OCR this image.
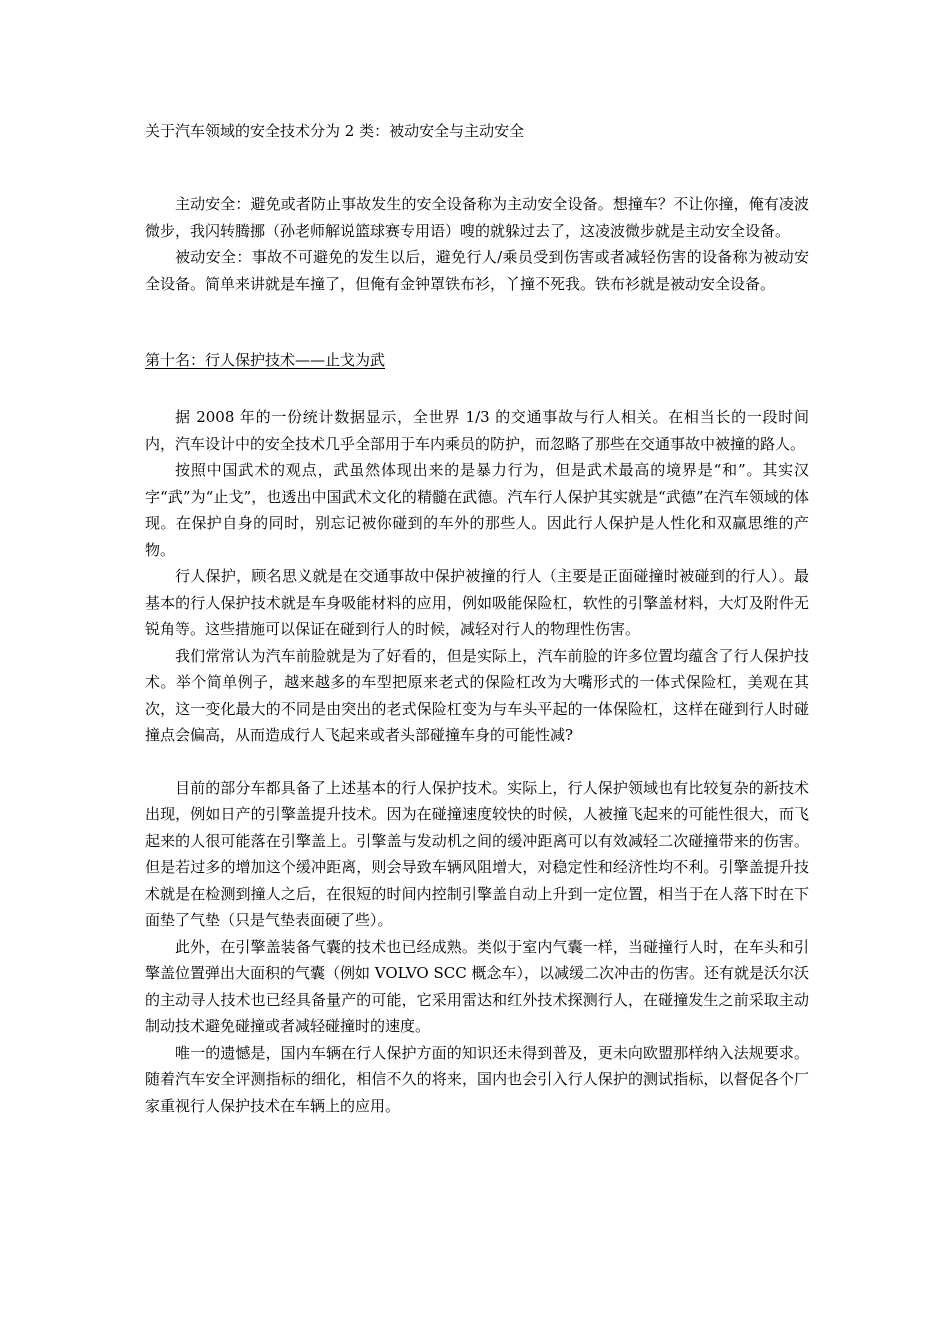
关于汽车领域的安全技术分为 2 类：被动安全与主动安全

主动安全：避免或者防止事故发生的安全设备称为主动安全设备。想撞车？不让你撞，俺有凌波微步，我闪转腾挪（孙老师解说篮球赛专用语）嗖的就躲过去了，这凌波微步就是主动安全设备。

被动安全：事故不可避免的发生以后，避免行人/乘员受到伤害或者减轻伤害的设备称为被动安全设备。简单来讲就是车撞了，但俺有金钟罩铁布衫，丫撞不死我。铁布衫就是被动安全设备。

第十名：行人保护技术——止戈为武

据 2008 年的一份统计数据显示，全世界 1/3 的交通事故与行人相关。在相当长的一段时间内，汽车设计中的安全技术几乎全部用于车内乘员的防护，而忽略了那些在交通事故中被撞的路人。

按照中国武术的观点，武虽然体现出来的是暴力行为，但是武术最高的境界是“和”。其实汉字“武”为“止戈”，也透出中国武术文化的精髓在武德。汽车行人保护其实就是“武德”在汽车领域的体现。在保护自身的同时，别忘记被你碰到的车外的那些人。因此行人保护是人性化和双赢思维的产物。

行人保护，顾名思义就是在交通事故中保护被撞的行人（主要是正面碰撞时被碰到的行人）。最基本的行人保护技术就是车身吸能材料的应用，例如吸能保险杠，软性的引擎盖材料，大灯及附件无锐角等。这些措施可以保证在碰到行人的时候，减轻对行人的物理性伤害。

我们常常认为汽车前脸就是为了好看的，但是实际上，汽车前脸的许多位置均蕴含了行人保护技术。举个简单例子，越来越多的车型把原来老式的保险杠改为大嘴形式的一体式保险杠，美观在其次，这一变化最大的不同是由突出的老式保险杠变为与车头平起的一体保险杠，这样在碰到行人时碰撞点会偏高，从而造成行人飞起来或者头部碰撞车身的可能性减?

目前的部分车都具备了上述基本的行人保护技术。实际上，行人保护领域也有比较复杂的新技术出现，例如日产的引擎盖提升技术。因为在碰撞速度较快的时候，人被撞飞起来的可能性很大，而飞起来的人很可能落在引擎盖上。引擎盖与发动机之间的缓冲距离可以有效减轻二次碰撞带来的伤害。但是若过多的增加这个缓冲距离，则会导致车辆风阻增大，对稳定性和经济性均不利。引擎盖提升技术就是在检测到撞人之后，在很短的时间内控制引擎盖自动上升到一定位置，相当于在人落下时在下面垫了气垫（只是气垫表面硬了些）。

此外，在引擎盖装备气囊的技术也已经成熟。类似于室内气囊一样，当碰撞行人时，在车头和引擎盖位置弹出大面积的气囊（例如 VOLVO SCC 概念车），以减缓二次冲击的伤害。还有就是沃尔沃的主动寻人技术也已经具备量产的可能，它采用雷达和红外技术探测行人，在碰撞发生之前采取主动制动技术避免碰撞或者减轻碰撞时的速度。

唯一的遗憾是，国内车辆在行人保护方面的知识还未得到普及，更未向欧盟那样纳入法规要求。随着汽车安全评测指标的细化，相信不久的将来，国内也会引入行人保护的测试指标，以督促各个厂家重视行人保护技术在车辆上的应用。
